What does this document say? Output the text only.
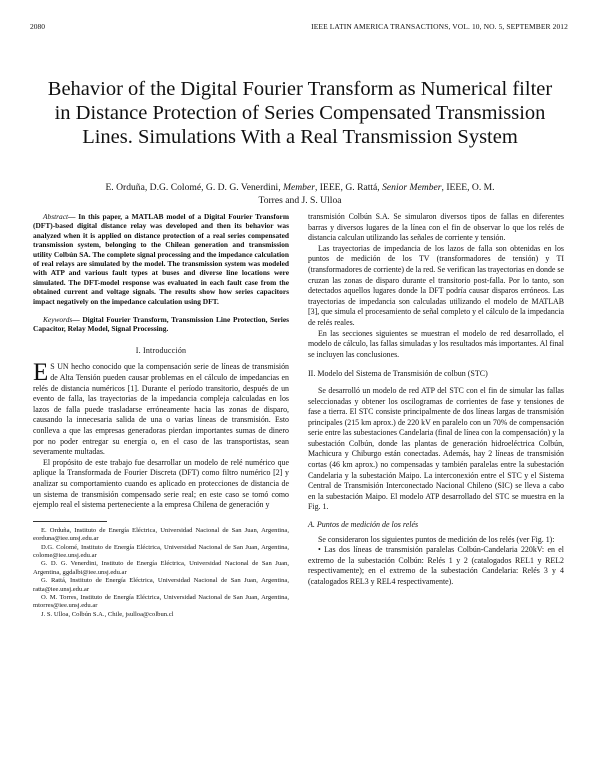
2080	IEEE LATIN AMERICA TRANSACTIONS, VOL. 10, NO. 5, SEPTEMBER 2012
Behavior of the Digital Fourier Transform as Numerical filter in Distance Protection of Series Compensated Transmission Lines. Simulations With a Real Transmission System
E. Orduña, D.G. Colomé, G. D. G. Venerdini, Member, IEEE, G. Rattá, Senior Member, IEEE, O. M.
Torres and J. S. Ulloa

Abstract— In this paper, a MATLAB model of a Digital Fourier Transform (DFT)-based digital distance relay was developed and then its behavior was analyzed when it is applied on distance protection of a real series compensated transmission system, belonging to the Chilean generation and transmission utility Colbún SA. The complete signal processing and the impedance calculation of real relays are simulated by the model. The transmission system was modeled with ATP and various fault types at buses and diverse line locations were simulated. The DFT-model response was evaluated in each fault case from the obtained current and voltage signals. The results show how series capacitors impact negatively on the impedance calculation using DFT.

Keywords— Digital Fourier Transform, Transmission Line Protection, Series Capacitor, Relay Model, Signal Processing.

I. Introducción

E S UN hecho conocido que la compensación serie de líneas de transmisión de Alta Tensión pueden causar problemas en el cálculo de impedancias en relés de distancia numéricos [1]. Durante el período transitorio, después de un evento de falla, las trayectorias de la impedancia compleja calculadas en los lazos de falla puede trasladarse erróneamente hacia las zonas de disparo, causando la innecesaria salida de una o varias líneas de transmisión. Esto conlleva a que las empresas generadoras pierdan importantes sumas de dinero por no poder entregar su energía o, en el caso de las transportistas, sean severamente multadas.

El propósito de este trabajo fue desarrollar un modelo de relé numérico que aplique la Transformada de Fourier Discreta (DFT) como filtro numérico [2] y analizar su comportamiento cuando es aplicado en protecciones de distancia de un sistema de transmisión compensado serie real; en este caso se tomó como ejemplo real el sistema perteneciente a la empresa Chilena de generación y

E. Orduña, Instituto de Energía Eléctrica, Universidad Nacional de San Juan, Argentina, eorduna@iee.unsj.edu.ar

D.G. Colomé, Instituto de Energía Eléctrica, Universidad Nacional de San Juan, Argentina, colome@iee.unsj.edu.ar

G. D. G. Venerdini, Instituto de Energía Eléctrica, Universidad Nacional de San Juan, Argentina, ggdalbi@iee.unsj.edu.ar

G. Rattá, Instituto de Energía Eléctrica, Universidad Nacional de San Juan, Argentina, ratta@iee.unsj.edu.ar

O. M. Torres, Instituto de Energía Eléctrica, Universidad Nacional de San Juan, Argentina, mtorres@iee.unsj.edu.ar

J. S. Ulloa, Colbún S.A., Chile, jsulloa@colbun.cl

transmisión Colbún S.A. Se simularon diversos tipos de fallas en diferentes barras y diversos lugares de la línea con el fin de observar lo que los relés de distancia calculan utilizando las señales de corriente y tensión.

Las trayectorias de impedancia de los lazos de falla son obtenidas en los puntos de medición de los TV (transformadores de tensión) y TI (transformadores de corriente) de la red. Se verifican las trayectorias en donde se cruzan las zonas de disparo durante el transitorio post-falla. Por lo tanto, son detectados aquellos lugares donde la DFT podría causar disparos erróneos. Las trayectorias de impedancia son calculadas utilizando el modelo de MATLAB [3], que simula el procesamiento de señal completo y el cálculo de la impedancia de relés reales.

En las secciones siguientes se muestran el modelo de red desarrollado, el modelo de cálculo, las fallas simuladas y los resultados más importantes. Al final se incluyen las conclusiones.

II. Modelo del Sistema de Transmisión de colbun (STC)

Se desarrolló un modelo de red ATP del STC con el fin de simular las fallas seleccionadas y obtener los oscilogramas de corrientes de fase y tensiones de fase a tierra. El STC consiste principalmente de dos líneas largas de transmisión principales (215 km aprox.) de 220 kV en paralelo con un 70% de compensación serie entre las subestaciones Candelaria (final de línea con la compensación) y la subestación Colbún, donde las plantas de generación hidroeléctrica Colbún, Machicura y Chiburgo están conectadas. Además, hay 2 líneas de transmisión cortas (46 km aprox.) no compensadas y también paralelas entre la subestación Candelaria y la subestación Maipo. La interconexión entre el STC y el Sistema Central de Transmisión Interconectado Nacional Chileno (SIC) se lleva a cabo en la subestación Maipo. El modelo ATP desarrollado del STC se muestra en la Fig. 1.

A. Puntos de medición de los relés

Se consideraron los siguientes puntos de medición de los relés (ver Fig. 1):

• Las dos líneas de transmisión paralelas Colbún-Candelaria 220kV: en el extremo de la subestación Colbún: Relés 1 y 2 (catalogados REL1 y REL2 respectivamente); en el extremo de la subestación Candelaria: Relés 3 y 4 (catalogados REL3 y REL4 respectivamente).
